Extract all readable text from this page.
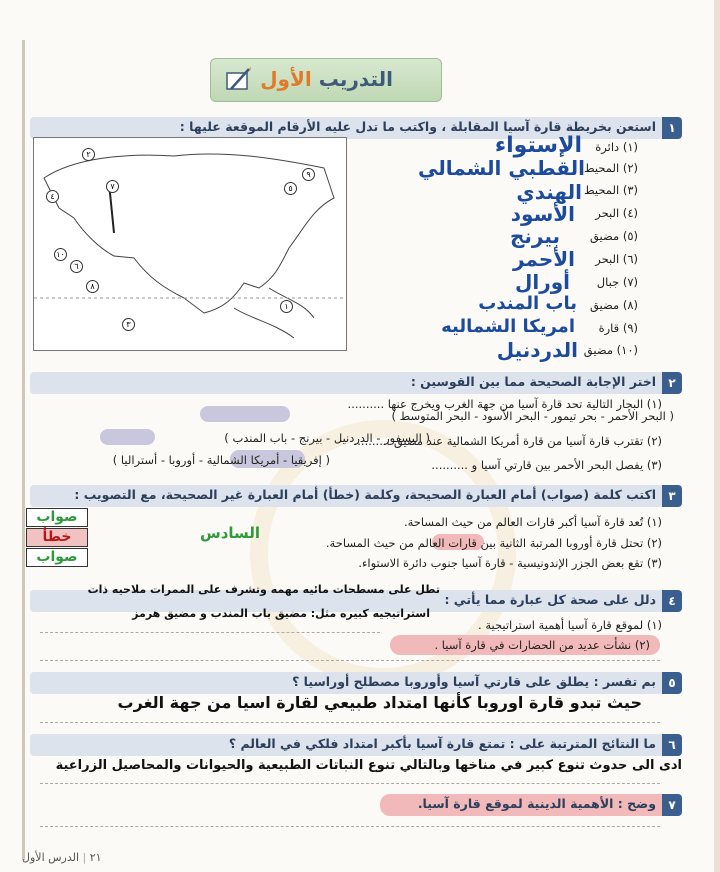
التدريب الأول
١
استعن بخريطة قارة آسيا المقابلة ، واكتب ما تدل عليه الأرقام الموقعة عليها :
٢
٣
٤
٥
٦
٧
٨
٩
١
١٠
(١) دائرة
(٢) المحيط
(٣) المحيط
(٤) البحر
(٥) مضيق
(٦) البحر
(٧) جبال
(٨) مضيق
(٩) قارة
(١٠) مضيق
الإستواء
القطبي الشمالي
الهندي
الأسود
بيرنج
الأحمر
أورال
باب المندب
امريكا الشماليه
الدردنيل
٢
اختر الإجابة الصحيحة مما بين القوسين :
(١) البحار التالية تحد قارة آسيا من جهة الغرب ويخرج عنها ..........
( البحر الأحمر - بحر تيمور - البحر الأسود - البحر المتوسط )
(٢) تقترب قارة آسيا من قارة أمريكا الشمالية عند مضيق ..........
( البسفور - الدردنيل - بيرنج - باب المندب )
(٣) يفصل البحر الأحمر بين قارتي آسيا و ..........
( إفريقيا - أمريكا الشمالية - أوروبا - أستراليا )
٣
اكتب كلمة (صواب) أمام العبارة الصحيحة، وكلمة (خطأ) أمام العبارة غير الصحيحة، مع التصويب :
(١) تُعد قارة آسيا أكبر قارات العالم من حيث المساحة.
(٢) تحتل قارة أوروبا المرتبة الثانية بين قارات العالم من حيث المساحة.
(٣) تقع بعض الجزر الإندونيسية - قارة آسيا جنوب دائرة الاستواء.
السادس
صواب
خطأ
صواب
٤
دلل على صحة كل عبارة مما يأتي :
تطل على مسطحات مائيه مهمه وتشرف على الممرات ملاحيه ذات
استراتيجيه كبيره مثل: مضيق باب المندب و مضيق هرمز
(١) لموقع قارة آسيا أهمية استراتيجية .
(٢) نشأت عديد من الحضارات في قارة آسيا .
٥
بم تفسر : يطلق على قارتي آسيا وأوروبا مصطلح أوراسيا ؟
حيث تبدو قارة اوروبا كأنها امتداد طبيعي لقارة اسيا من جهة الغرب
٦
ما النتائج المترتبة على : تمتع قارة آسيا بأكبر امتداد فلكي في العالم ؟
ادى الى حدوث تنوع كبير في مناخها وبالتالي تنوع النباتات الطبيعية والحيوانات والمحاصيل الزراعية
٧
وضح : الأهمية الدينية لموقع قارة آسيا.
٢١ | الدرس الأول
